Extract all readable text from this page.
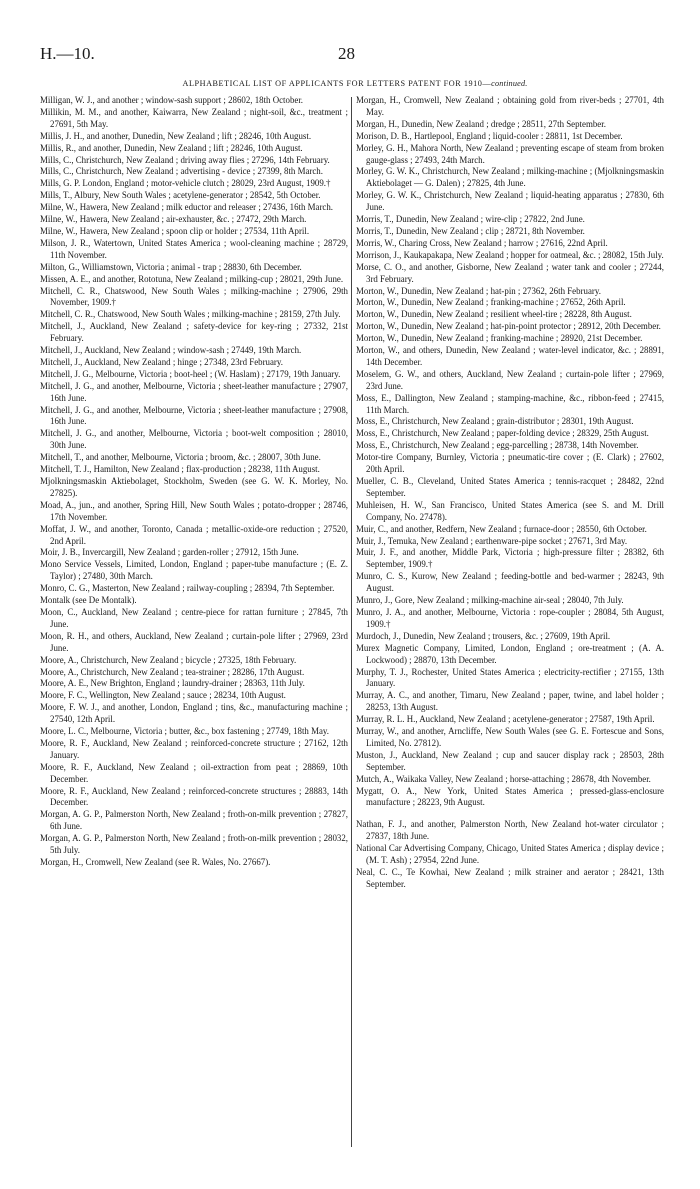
H.—10.	28
ALPHABETICAL LIST OF APPLICANTS FOR LETTERS PATENT FOR 1910—continued.

Milligan, W. J., and another ; window-sash support ; 28602, 18th October.

Millikin, M. M., and another, Kaiwarra, New Zealand ; night-soil, &c., treatment ; 27691, 5th May.

Millis, J. H., and another, Dunedin, New Zealand ; lift ; 28246, 10th August.

Millis, R., and another, Dunedin, New Zealand ; lift ; 28246, 10th August.

Mills, C., Christchurch, New Zealand ; driving away flies ; 27296, 14th February.

Mills, C., Christchurch, New Zealand ; advertising - device ; 27399, 8th March.

Mills, G. P. London, England ; motor-vehicle clutch ; 28029, 23rd August, 1909.†

Mills, T., Albury, New South Wales ; acetylene-generator ; 28542, 5th October.

Milne, W., Hawera, New Zealand ; milk eductor and releaser ; 27436, 16th March.

Milne, W., Hawera, New Zealand ; air-exhauster, &c. ; 27472, 29th March.

Milne, W., Hawera, New Zealand ; spoon clip or holder ; 27534, 11th April.

Milson, J. R., Watertown, United States America ; wool-cleaning machine ; 28729, 11th November.

Milton, G., Williamstown, Victoria ; animal - trap ; 28830, 6th December.

Missen, A. E., and another, Rototuna, New Zealand ; milking-cup ; 28021, 29th June.

Mitchell, C. R., Chatswood, New South Wales ; milking-machine ; 27906, 29th November, 1909.†

Mitchell, C. R., Chatswood, New South Wales ; milking-machine ; 28159, 27th July.

Mitchell, J., Auckland, New Zealand ; safety-device for key-ring ; 27332, 21st February.

Mitchell, J., Auckland, New Zealand ; window-sash ; 27449, 19th March.

Mitchell, J., Auckland, New Zealand ; hinge ; 27348, 23rd February.

Mitchell, J. G., Melbourne, Victoria ; boot-heel ; (W. Haslam) ; 27179, 19th January.

Mitchell, J. G., and another, Melbourne, Victoria ; sheet-leather manufacture ; 27907, 16th June.

Mitchell, J. G., and another, Melbourne, Victoria ; sheet-leather manufacture ; 27908, 16th June.

Mitchell, J. G., and another, Melbourne, Victoria ; boot-welt composition ; 28010, 30th June.

Mitchell, T., and another, Melbourne, Victoria ; broom, &c. ; 28007, 30th June.

Mitchell, T. J., Hamilton, New Zealand ; flax-production ; 28238, 11th August.

Mjolkningsmaskin Aktiebolaget, Stockholm, Sweden (see G. W. K. Morley, No. 27825).

Moad, A., jun., and another, Spring Hill, New South Wales ; potato-dropper ; 28746, 17th November.

Moffat, J. W., and another, Toronto, Canada ; metallic-oxide-ore reduction ; 27520, 2nd April.

Moir, J. B., Invercargill, New Zealand ; garden-roller ; 27912, 15th June.

Mono Service Vessels, Limited, London, England ; paper-tube manufacture ; (E. Z. Taylor) ; 27480, 30th March.

Monro, C. G., Masterton, New Zealand ; railway-coupling ; 28394, 7th September.

Montalk (see De Montalk).

Moon, C., Auckland, New Zealand ; centre-piece for rattan furniture ; 27845, 7th June.

Moon, R. H., and others, Auckland, New Zealand ; curtain-pole lifter ; 27969, 23rd June.

Moore, A., Christchurch, New Zealand ; bicycle ; 27325, 18th February.

Moore, A., Christchurch, New Zealand ; tea-strainer ; 28286, 17th August.

Moore, A. E., New Brighton, England ; laundry-drainer ; 28363, 11th July.

Moore, F. C., Wellington, New Zealand ; sauce ; 28234, 10th August.

Moore, F. W. J., and another, London, England ; tins, &c., manufacturing machine ; 27540, 12th April.

Moore, L. C., Melbourne, Victoria ; butter, &c., box fastening ; 27749, 18th May.

Moore, R. F., Auckland, New Zealand ; reinforced-concrete structure ; 27162, 12th January.

Moore, R. F., Auckland, New Zealand ; oil-extraction from peat ; 28869, 10th December.

Moore, R. F., Auckland, New Zealand ; reinforced-concrete structures ; 28883, 14th December.

Morgan, A. G. P., Palmerston North, New Zealand ; froth-on-milk prevention ; 27827, 6th June.

Morgan, A. G. P., Palmerston North, New Zealand ; froth-on-milk prevention ; 28032, 5th July.

Morgan, H., Cromwell, New Zealand (see R. Wales, No. 27667).

Morgan, H., Cromwell, New Zealand ; obtaining gold from river-beds ; 27701, 4th May.

Morgan, H., Dunedin, New Zealand ; dredge ; 28511, 27th September.

Morison, D. B., Hartlepool, England ; liquid-cooler : 28811, 1st December.

Morley, G. H., Mahora North, New Zealand ; preventing escape of steam from broken gauge-glass ; 27493, 24th March.

Morley, G. W. K., Christchurch, New Zealand ; milking-machine ; (Mjolkningsmaskin Aktiebolaget — G. Dalen) ; 27825, 4th June.

Morley, G. W. K., Christchurch, New Zealand ; liquid-heating apparatus ; 27830, 6th June.

Morris, T., Dunedin, New Zealand ; wire-clip ; 27822, 2nd June.

Morris, T., Dunedin, New Zealand ; clip ; 28721, 8th November.

Morris, W., Charing Cross, New Zealand ; harrow ; 27616, 22nd April.

Morrison, J., Kaukapakapa, New Zealand ; hopper for oatmeal, &c. ; 28082, 15th July.

Morse, C. O., and another, Gisborne, New Zealand ; water tank and cooler ; 27244, 3rd February.

Morton, W., Dunedin, New Zealand ; hat-pin ; 27362, 26th February.

Morton, W., Dunedin, New Zealand ; franking-machine ; 27652, 26th April.

Morton, W., Dunedin, New Zealand ; resilient wheel-tire ; 28228, 8th August.

Morton, W., Dunedin, New Zealand ; hat-pin-point protector ; 28912, 20th December.

Morton, W., Dunedin, New Zealand ; franking-machine ; 28920, 21st December.

Morton, W., and others, Dunedin, New Zealand ; water-level indicator, &c. ; 28891, 14th December.

Moselem, G. W., and others, Auckland, New Zealand ; curtain-pole lifter ; 27969, 23rd June.

Moss, E., Dallington, New Zealand ; stamping-machine, &c., ribbon-feed ; 27415, 11th March.

Moss, E., Christchurch, New Zealand ; grain-distributor ; 28301, 19th August.

Moss, E., Christchurch, New Zealand ; paper-folding device ; 28329, 25th August.

Moss, E., Christchurch, New Zealand ; egg-parcelling ; 28738, 14th November.

Motor-tire Company, Burnley, Victoria ; pneumatic-tire cover ; (E. Clark) ; 27602, 20th April.

Mueller, C. B., Cleveland, United States America ; tennis-racquet ; 28482, 22nd September.

Muhleisen, H. W., San Francisco, United States America (see S. and M. Drill Company, No. 27478).

Muir, C., and another, Redfern, New Zealand ; furnace-door ; 28550, 6th October.

Muir, J., Temuka, New Zealand ; earthenware-pipe socket ; 27671, 3rd May.

Muir, J. F., and another, Middle Park, Victoria ; high-pressure filter ; 28382, 6th September, 1909.†

Munro, C. S., Kurow, New Zealand ; feeding-bottle and bed-warmer ; 28243, 9th August.

Munro, J., Gore, New Zealand ; milking-machine air-seal ; 28040, 7th July.

Munro, J. A., and another, Melbourne, Victoria : rope-coupler ; 28084, 5th August, 1909.†

Murdoch, J., Dunedin, New Zealand ; trousers, &c. ; 27609, 19th April.

Murex Magnetic Company, Limited, London, England ; ore-treatment ; (A. A. Lockwood) ; 28870, 13th December.

Murphy, T. J., Rochester, United States America ; electricity-rectifier ; 27155, 13th January.

Murray, A. C., and another, Timaru, New Zealand ; paper, twine, and label holder ; 28253, 13th August.

Murray, R. L. H., Auckland, New Zealand ; acetylene-generator ; 27587, 19th April.

Murray, W., and another, Arncliffe, New South Wales (see G. E. Fortescue and Sons, Limited, No. 27812).

Muston, J., Auckland, New Zealand ; cup and saucer display rack ; 28503, 28th September.

Mutch, A., Waikaka Valley, New Zealand ; horse-attaching ; 28678, 4th November.

Mygatt, O. A., New York, United States America ; pressed-glass-enclosure manufacture ; 28223, 9th August.

Nathan, F. J., and another, Palmerston North, New Zealand hot-water circulator ; 27837, 18th June.

National Car Advertising Company, Chicago, United States America ; display device ; (M. T. Ash) ; 27954, 22nd June.

Neal, C. C., Te Kowhai, New Zealand ; milk strainer and aerator ; 28421, 13th September.
